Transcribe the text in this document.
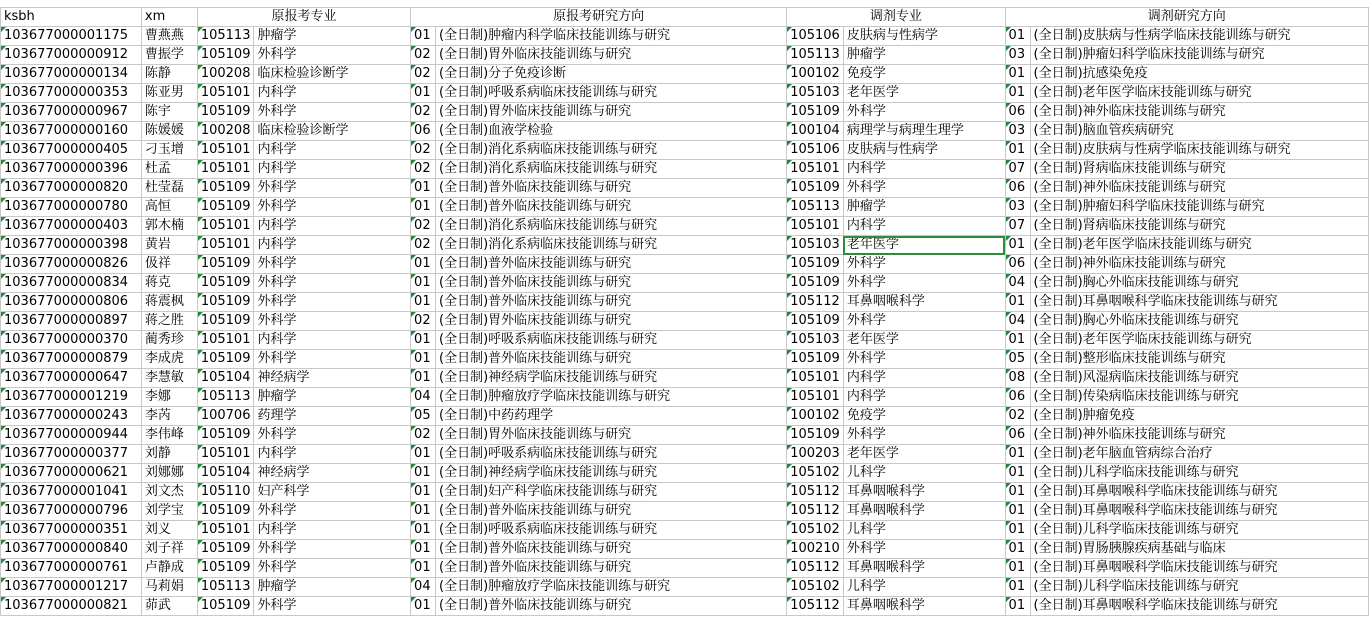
ksbh	xm	原报考专业		原报考研究方向		调剂专业		调剂研究方向	
103677000001175	曹燕燕	105113	肿瘤学	01	(全日制)肿瘤内科学临床技能训练与研究	105106	皮肤病与性病学	01	(全日制)皮肤病与性病学临床技能训练与研究
103677000000912	曹振学	105109	外科学	02	(全日制)胃外临床技能训练与研究	105113	肿瘤学	03	(全日制)肿瘤妇科学临床技能训练与研究
103677000000134	陈静	100208	临床检验诊断学	02	(全日制)分子免疫诊断	100102	免疫学	01	(全日制)抗感染免疫
103677000000353	陈亚男	105101	内科学	01	(全日制)呼吸系病临床技能训练与研究	105103	老年医学	01	(全日制)老年医学临床技能训练与研究
103677000000967	陈宇	105109	外科学	02	(全日制)胃外临床技能训练与研究	105109	外科学	06	(全日制)神外临床技能训练与研究
103677000000160	陈媛媛	100208	临床检验诊断学	06	(全日制)血液学检验	100104	病理学与病理生理学	03	(全日制)脑血管疾病研究
103677000000405	刁玉增	105101	内科学	02	(全日制)消化系病临床技能训练与研究	105106	皮肤病与性病学	01	(全日制)皮肤病与性病学临床技能训练与研究
103677000000396	杜孟	105101	内科学	02	(全日制)消化系病临床技能训练与研究	105101	内科学	07	(全日制)肾病临床技能训练与研究
103677000000820	杜莹磊	105109	外科学	01	(全日制)普外临床技能训练与研究	105109	外科学	06	(全日制)神外临床技能训练与研究
103677000000780	高恒	105109	外科学	01	(全日制)普外临床技能训练与研究	105113	肿瘤学	03	(全日制)肿瘤妇科学临床技能训练与研究
103677000000403	郭木楠	105101	内科学	02	(全日制)消化系病临床技能训练与研究	105101	内科学	07	(全日制)肾病临床技能训练与研究
103677000000398	黄岩	105101	内科学	02	(全日制)消化系病临床技能训练与研究	105103	老年医学	01	(全日制)老年医学临床技能训练与研究
103677000000826	伋祥	105109	外科学	01	(全日制)普外临床技能训练与研究	105109	外科学	06	(全日制)神外临床技能训练与研究
103677000000834	蒋克	105109	外科学	01	(全日制)普外临床技能训练与研究	105109	外科学	04	(全日制)胸心外临床技能训练与研究
103677000000806	蒋震枫	105109	外科学	01	(全日制)普外临床技能训练与研究	105112	耳鼻咽喉科学	01	(全日制)耳鼻咽喉科学临床技能训练与研究
103677000000897	蒋之胜	105109	外科学	02	(全日制)胃外临床技能训练与研究	105109	外科学	04	(全日制)胸心外临床技能训练与研究
103677000000370	蔺秀珍	105101	内科学	01	(全日制)呼吸系病临床技能训练与研究	105103	老年医学	01	(全日制)老年医学临床技能训练与研究
103677000000879	李成虎	105109	外科学	01	(全日制)普外临床技能训练与研究	105109	外科学	05	(全日制)整形临床技能训练与研究
103677000000647	李慧敏	105104	神经病学	01	(全日制)神经病学临床技能训练与研究	105101	内科学	08	(全日制)风湿病临床技能训练与研究
103677000001219	李娜	105113	肿瘤学	04	(全日制)肿瘤放疗学临床技能训练与研究	105101	内科学	06	(全日制)传染病临床技能训练与研究
103677000000243	李芮	100706	药理学	05	(全日制)中药药理学	100102	免疫学	02	(全日制)肿瘤免疫
103677000000944	李伟峰	105109	外科学	02	(全日制)胃外临床技能训练与研究	105109	外科学	06	(全日制)神外临床技能训练与研究
103677000000377	刘静	105101	内科学	01	(全日制)呼吸系病临床技能训练与研究	100203	老年医学	01	(全日制)老年脑血管病综合治疗
103677000000621	刘娜娜	105104	神经病学	01	(全日制)神经病学临床技能训练与研究	105102	儿科学	01	(全日制)儿科学临床技能训练与研究
103677000001041	刘文杰	105110	妇产科学	01	(全日制)妇产科学临床技能训练与研究	105112	耳鼻咽喉科学	01	(全日制)耳鼻咽喉科学临床技能训练与研究
103677000000796	刘学宝	105109	外科学	01	(全日制)普外临床技能训练与研究	105112	耳鼻咽喉科学	01	(全日制)耳鼻咽喉科学临床技能训练与研究
103677000000351	刘义	105101	内科学	01	(全日制)呼吸系病临床技能训练与研究	105102	儿科学	01	(全日制)儿科学临床技能训练与研究
103677000000840	刘子祥	105109	外科学	01	(全日制)普外临床技能训练与研究	100210	外科学	01	(全日制)胃肠胰腺疾病基础与临床
103677000000761	卢静成	105109	外科学	01	(全日制)普外临床技能训练与研究	105112	耳鼻咽喉科学	01	(全日制)耳鼻咽喉科学临床技能训练与研究
103677000001217	马莉娟	105113	肿瘤学	04	(全日制)肿瘤放疗学临床技能训练与研究	105102	儿科学	01	(全日制)儿科学临床技能训练与研究
103677000000821	茆武	105109	外科学	01	(全日制)普外临床技能训练与研究	105112	耳鼻咽喉科学	01	(全日制)耳鼻咽喉科学临床技能训练与研究
